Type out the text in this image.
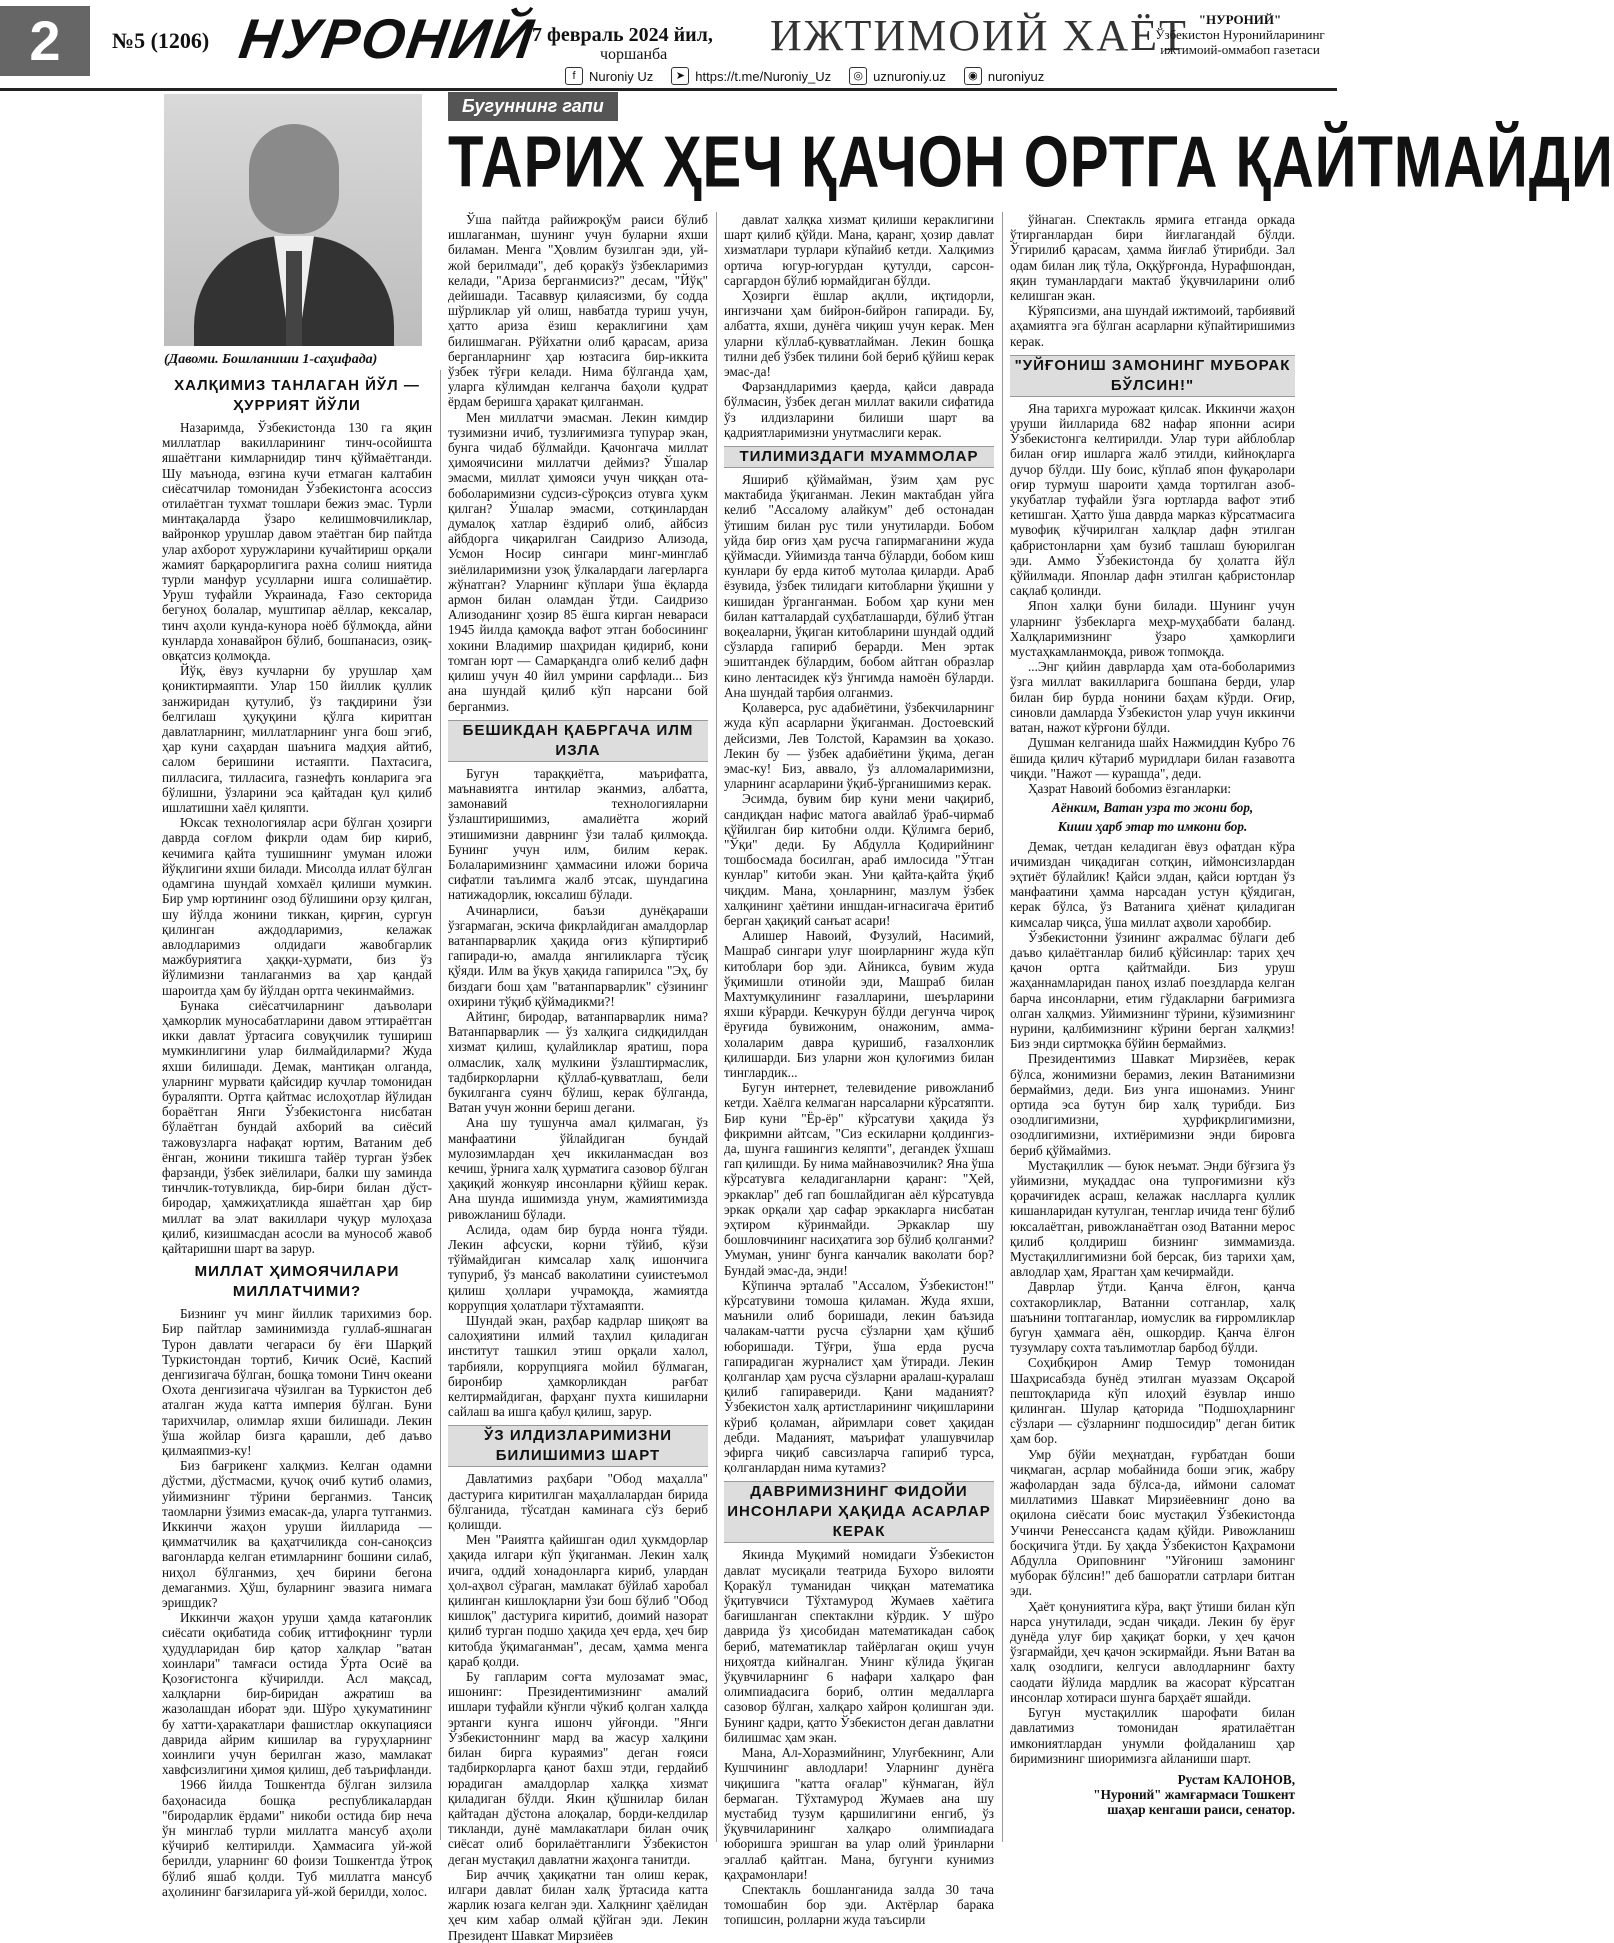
2	№5 (1206) НУРОНИЙ
7 февраль 2024 йил,
чоршанба ИЖТИМОИЙ ХАЁТ
f	Nuroniy Uz	➤ https://t.me/Nuroniy_Uz	◎ uznuroniy.uz	◉ nuroniyuz
"НУРОНИЙ"
Ўзбекистон Нуронийларининг
ижтимоий-оммабоп газетаси
(Давоми. Бошланиши 1-саҳифада)
Бугуннинг гапи
ТАРИХ ҲЕЧ ҚАЧОН ОРТГА ҚАЙТМАЙДИ
ХАЛҚИМИЗ ТАНЛАГАН ЙЎЛ — ҲУРРИЯТ ЙЎЛИ

Назаримда, Ўзбекистонда 130 га яқин миллатлар вакилларининг тинч-осойишта яшаётгани кимларнидир тинч қўймаётганди. Шу маънода, өзгина кучи етмаган калтабин сиёсатчилар томонидан Ўзбекистонга асоссиз отилаётган тухмат тошлари бежиз эмас. Турли минтақаларда ўзаро келишмовчиликлар, вайронкор урушлар давом этаётган бир пайтда улар ахборот хуружларини кучайтириш орқали жамият барқарорлигига рахна солиш ниятида турли манфур усулларни ишга солишаётир. Уруш туфайли Украинада, Ғазо секторида бегуноҳ болалар, муштипар аёллар, кексалар, тинч аҳоли кунда-кунора ноёб бўлмоқда, айни кунларда хонавайрон бўлиб, бошпанасиз, озиқ-овқатсиз қолмоқда.

Йўқ, ёвуз кучларни бу урушлар ҳам қониктирмаяпти. Улар 150 йиллик қуллик занжиридан қутулиб, ўз тақдирини ўзи белгилаш ҳуқуқини қўлга киритган давлатларнинг, миллатларнинг унга бош эгиб, ҳар куни саҳардан шаънига мадҳия айтиб, салом беришини истаяпти. Пахтасига, пилласига, тилласига, газнефть конларига эга бўлишни, ўзларини эса қайтадан қул қилиб ишлатишни хаёл қиляпти.

Юксак технологиялар асри бўлган ҳозирги даврда соғлом фикрли одам бир кириб, кечимига қайта тушишнинг умуман иложи йўқлигини яхши билади. Мисолда иллат бўлган одамгина шундай хомхаёл қилиши мумкин. Бир умр юртининг озод бўлишини орзу қилган, шу йўлда жонини тиккан, қирғин, сургун қилинган аждодларимиз, келажак авлодларимиз олдидаги жавобгарлик мажбуриятига ҳаққи-ҳурмати, биз ўз йўлимизни танлаганмиз ва ҳар қандай шароитда ҳам бу йўлдан ортга чекинмаймиз.

Бунака сиёсатчиларнинг даъволари ҳамкорлик муносабатларини давом эттираётган икки давлат ўртасига совуқчилик тушириш мумкинлигини улар билмайдиларми? Жуда яхши билишади. Демак, мантиқан олганда, уларнинг мурвати қайсидир кучлар томонидан бураляпти. Ортга қайтмас ислоҳотлар йўлидан бораётган Янги Ўзбекистонга нисбатан бўлаётган бундай ахборий ва сиёсий тажовузларга нафақат юртим, Ватаним деб ёнган, жонини тикишга тайёр турган ўзбек фарзанди, ўзбек зиёлилари, балки шу заминда тинчлик-тотувликда, бир-бири билан дўст-биродар, ҳамжиҳатликда яшаётган ҳар бир миллат ва элат вакиллари чуқур мулоҳаза қилиб, кизишмасдан асосли ва мунособ жавоб қайтаришни шарт ва зарур.

МИЛЛАТ ҲИМОЯЧИЛАРИ МИЛЛАТЧИМИ?

Бизнинг уч минг йиллик тарихимиз бор. Бир пайтлар заминимизда гуллаб-яшнаган Турон давлати чегараси бу ёғи Шарқий Туркистондан тортиб, Кичик Осиё, Каспий денгизигача бўлган, бошқа томони Тинч океани Охота денгизигача чўзилган ва Туркистон деб аталган жуда катта империя бўлган. Буни тарихчилар, олимлар яхши билишади. Лекин ўша жойлар бизга қарашли, деб даъво қилмаяпмиз-ку!

Биз бағрикенг халқмиз. Келган одамни дўстми, дўстмасми, қучоқ очиб кутиб оламиз, уйимизнинг тўрини берганмиз. Тансиқ таомларни ўзимиз емасак-да, уларга тутганмиз. Иккинчи жаҳон уруши йилларида — қимматчилик ва қаҳатчиликда сон-саноқсиз вагонларда келган етимларнинг бошини силаб, ниҳол бўлганмиз, ҳеч бирини бегона демаганмиз. Ҳўш, буларнинг эвазига нимага эришдик?

Иккинчи жаҳон уруши ҳамда катағонлик сиёсати оқибатида собиқ иттифоқнинг турли ҳудудларидан бир қатор халқлар "ватан хоинлари" тамғаси остида Ўрта Осиё ва Қозоғистонга кўчирилди. Асл мақсад, халқларни бир-биридан ажратиш ва жазолашдан иборат эди. Шўро ҳукуматининг бу хатти-ҳаракатлари фашистлар оккупацияси даврида айрим кишилар ва гуруҳларнинг хоинлиги учун берилган жазо, мамлакат хавфсизлигини ҳимоя қилиш, деб таърифланди.

1966 йилда Тошкентда бўлган зилзила баҳонасида бошқа республикалардан "биродарлик ёрдами" никоби остида бир неча ўн минглаб турли миллатга мансуб аҳоли кўчириб келтирилди. Ҳаммасига уй-жой берилди, уларнинг 60 фоизи Тошкентда ўтроқ бўлиб яшаб қолди. Туб миллатга мансуб аҳолининг бағзиларига уй-жой берилди, холос.

Ўша пайтда райижроқўм раиси бўлиб ишлаганман, шунинг учун буларни яхши биламан. Менга "Ҳовлим бузилган эди, уй-жой берилмади", деб қоракўз ўзбекларимиз келади, "Ариза берганмисиз?" десам, "Йўқ" дейишади. Тасаввур қилаясизми, бу содда шўрликлар уй олиш, навбатда туриш учун, ҳатто ариза ёзиш кераклигини ҳам билишмаган. Рўйхатни олиб қарасам, ариза берганларнинг ҳар юзтасига бир-иккита ўзбек тўғри келади. Нима бўлганда ҳам, уларга кўлимдан келганча баҳоли қудрат ёрдам беришга ҳаракат қилганман.

Мен миллатчи эмасман. Лекин кимдир тузимизни ичиб, тузлиғимизга тупурар экан, бунга чидаб бўлмайди. Қачонгача миллат ҳимоячисини миллатчи деймиз? Ўшалар эмасми, миллат ҳимояси учун чиққан ота-боболаримизни судсиз-сўроқсиз отувга ҳукм қилган? Ўшалар эмасми, сотқинлардан думалоқ хатлар ёздириб олиб, айбсиз айбдорга чиқарилган Саидризо Ализода, Усмон Носир сингари минг-минглаб зиёлиларимизни узоқ ўлкалардаги лагерларга жўнатган? Уларнинг кўплари ўша ёқларда армон билан оламдан ўтди. Саидризо Ализоданинг ҳозир 85 ёшга кирган невараси 1945 йилда қамоқда вафот этган бобосининг хокини Владимир шаҳридан қидириб, кони томган юрт — Самарқандга олиб келиб дафн қилиш учун 40 йил умрини сарфлади... Биз ана шундай қилиб кўп нарсани бой берганмиз.

БЕШИКДАН ҚАБРГАЧА ИЛМ ИЗЛА

Бугун тараққиётга, маърифатга, маънавиятга интилар эканмиз, албатта, замонавий технологияларни ўзлаштиришимиз, амалиётга жорий этишимизни даврнинг ўзи талаб қилмоқда. Бунинг учун илм, билим керак. Болаларимизнинг ҳаммасини иложи борича сифатли таълимга жалб этсак, шундагина натижадорлик, юксалиш бўлади.

Ачинарлиси, баъзи дунёқараши ўзгармаган, эскича фикрлайдиган амалдорлар ватанпарварлик ҳақида оғиз кўпиртириб гапиради-ю, амалда янгиликларга тўсиқ қўяди. Илм ва ўкув ҳақида гапирилса "Эҳ, бу биздаги бош ҳам "ватанпарварлик" сўзининг охирини тўқиб қўймадикми?!

Айтинг, биродар, ватанпарварлик нима? Ватанпарварлик — ўз халқига сидқидилдан хизмат қилиш, қулайликлар яратиш, пора олмаслик, халқ мулкини ўзлаштирмаслик, тадбиркорларни қўллаб-қувватлаш, бели букилганга суянч бўлиш, керак бўлганда, Ватан учун жонни бериш дегани.

Ана шу тушунча амал қилмаган, ўз манфаатини ўйлайдиган бундай мулозимлардан ҳеч иккиланмасдан воз кечиш, ўрнига халқ ҳурматига сазовор бўлган ҳақиқий жонкуяр инсонларни қўйиш керак. Ана шунда ишимизда унум, жамиятимизда ривожланиш бўлади.

Аслида, одам бир бурда нонга тўяди. Лекин афсуски, корни тўйиб, кўзи тўймайдиган кимсалар халқ ишончига тупуриб, ўз мансаб ваколатини суиистеъмол қилиш ҳоллари учрамоқда, жамиятда коррупция ҳолатлари тўхтамаяпти.

Шундай экан, раҳбар кадрлар шиқоят ва салоҳиятини илмий таҳлил қиладиган институт ташкил этиш орқали халол, тарбияли, коррупцияга мойил бўлмаган, биронбир ҳамкорликдан рағбат келтирмайдиган, фарҳанг пухта кишиларни сайлаш ва ишга қабул қилиш, зарур.

ЎЗ ИЛДИЗЛАРИМИЗНИ БИЛИШИМИЗ ШАРТ

Давлатимиз раҳбари "Обод маҳалла" дастурига киритилган маҳаллалардан бирида бўлганида, тўсатдан каминага сўз бериб қолишди.

Мен "Раиятга қайишган одил ҳукмдорлар ҳақида илгари кўп ўқиганман. Лекин халқ ичига, оддий хонадонларга кириб, улардан ҳол-аҳвол сўраган, мамлакат бўйлаб харобал қилинган кишлоқларни ўзи бош бўлиб "Обод кишлоқ" дастурига киритиб, доимий назорат қилиб турган подшо ҳақида ҳеч ерда, ҳеч бир китобда ўқимаганман", десам, ҳамма менга қараб қолди.

Бу гапларим соғта мулозамат эмас, ишонинг: Президентимизнинг амалий ишлари туфайли кўнгли чўкиб қолган халқда эртанги кунга ишонч уйғонди. "Янги Ўзбекистоннинг мард ва жасур халқини билан бирга кураямиз" деган ғояси тадбиркорларга қанот бахш этди, гердайиб юрадиган амалдорлар халққа хизмат қиладиган бўлди. Якин қўшнилар билан қайтадан дўстона алоқалар, борди-келдилар тикланди, дунё мамлакатлари билан очиқ сиёсат олиб борилаётганлиги Ўзбекистон деган мустақил давлатни жаҳонга танитди.

Бир аччиқ ҳақиқатни тан олиш керак, илгари давлат билан халқ ўртасида катта жарлик юзага келган эди. Халқнинг ҳаёлидан ҳеч ким хабар олмай қўйган эди. Лекин Президент Шавкат Мирзиёев

давлат халқка хизмат қилиши кераклигини шарт қилиб қўйди. Мана, қаранг, ҳозир давлат хизматлари турлари кўпайиб кетди. Халқимиз ортича югур-югурдан қутулди, сарсон-саргардон бўлиб юрмайдиган бўлди.

Ҳозирги ёшлар ақлли, иқтидорли, ингизчани ҳам бийрон-бийрон гапиради. Бу, албатта, яхши, дунёга чиқиш учун керак. Мен уларни кўллаб-қувватлайман. Лекин бошқа тилни деб ўзбек тилини бой бериб қўйиш керак эмас-да!

Фарзандларимиз қаерда, қайси даврада бўлмасин, ўзбек деган миллат вакили сифатида ўз илдизларини билиши шарт ва қадриятларимизни унутмаслиги керак.

ТИЛИМИЗДАГИ МУАММОЛАР

Яшириб қўймайман, ўзим ҳам рус мактабида ўқиганман. Лекин мактабдан уйга келиб "Ассалому алайкум" деб остонадан ўтишим билан рус тили унутиларди. Бобом уйда бир оғиз ҳам русча гапирмаганини жуда қўймасди. Уйимизда танча бўларди, бобом киш кунлари бу ерда китоб мутолаа қиларди. Араб ёзувида, ўзбек тилидаги китобларни ўқишни у кишидан ўрганганман. Бобом ҳар куни мен билан катталардай суҳбатлашарди, бўлиб ўтган воқеаларни, ўқиган китобларини шундай оддий сўзларда гапириб берарди. Мен эртак эшитгандек бўлардим, бобом айтган образлар кино лентасидек кўз ўнгимда намоён бўларди. Ана шундай тарбия олганмиз.

Қолаверса, рус адабиётини, ўзбекчиларнинг жуда кўп асарларни ўқиганман. Достоевский дейсизми, Лев Толстой, Карамзин ва ҳоказо. Лекин бу — ўзбек адабиётини ўқима, деган эмас-ку! Биз, аввало, ўз алломаларимизни, уларнинг асарларини ўқиб-ўрганишимиз керак.

Эсимда, бувим бир куни мени чақириб, сандиқдан нафис матога авайлаб ўраб-чирмаб қўйилган бир китобни олди. Қўлимга бериб, "Ўқи" деди. Бу Абдулла Қодирийнинг тошбосмада босилган, араб имлосида "Ўтган кунлар" китоби экан. Уни қайта-қайта ўқиб чиқдим. Мана, ҳонларнинг, мазлум ўзбек халқининг ҳаётини иншдан-игнасигача ёритиб берган ҳақиқий санъат асари!

Алишер Навоий, Фузулий, Насимий, Машраб сингари улуғ шоирларнинг жуда кўп китоблари бор эди. Айникса, бувим жуда ўқимишли отинойи эди, Машраб билан Махтумқулининг ғазалларини, шеърларини яхши кўрарди. Кечкурун бўлди дегунча чироқ ёруғида бувижоним, онажоним, амма-холаларим давра қуришиб, ғазалхонлик қилишарди. Биз уларни жон қулоғимиз билан тинглардик...

Бугун интернет, телевидение ривожланиб кетди. Хаёлга келмаган нарсаларни кўрсатяпти. Бир куни "Ёр-ёр" кўрсатуви ҳақида ўз фикримни айтсам, "Сиз ескиларни қолдингиз-да, шунга ғашингиз келяпти", дегандек ўхшаш гап қилишди. Бу нима майнавозчилик? Яна ўша кўрсатувга келадиганларни қаранг: "Ҳей, эркаклар" деб гап бошлайдиган аёл кўрсатувда эркак орқали ҳар сафар эркакларга нисбатан эҳтиром кўринмайди. Эркаклар шу бошловчининг насиҳатига зор бўлиб қолганми? Умуман, унинг бунга канчалик ваколати бор? Бундай эмас-да, энди!

Кўпинча эрталаб "Ассалом, Ўзбекистон!" кўрсатувини томоша қиламан. Жуда яхши, маънили олиб боришади, лекин баъзида чалакам-чатти русча сўзларни ҳам қўшиб юборишади. Тўғри, ўша ерда русча гапирадиган журналист ҳам ўтиради. Лекин қолганлар ҳам русча сўзларни аралаш-қуралаш қилиб гапиравериди. Қани маданият? Ўзбекистон халқ артистларининг чиқишларини кўриб қоламан, айримлари совет ҳақидан дебди. Маданият, маърифат улашувчилар эфирга чиқиб савсизларча гапириб турса, қолганлардан нима кутамиз?

ДАВРИМИЗНИНГ ФИДОЙИ ИНСОНЛАРИ ҲАҚИДА АСАРЛАР КЕРАК

Якинда Муқимий номидаги Ўзбекистон давлат мусиқали театрида Бухоро вилояти Қоракўл туманидан чиққан математика ўқитувчиси Тўхтамурод Жумаев хаётига бағишланган спектаклни кўрдик. У шўро даврида ўз ҳисобидан математикадан сабоқ бериб, математиклар тайёрлаган оқиш учун ниҳоятда кийналган. Унинг кўлида ўқиган ўқувчиларнинг 6 нафари халқаро фан олимпиадасига бориб, олтин медалларга сазовор бўлган, халқаро хайрон қолишган эди. Бунинг қадри, қатто Ўзбекистон деган давлатни билишмас ҳам экан.

Мана, Ал-Хоразмийнинг, Улуғбекнинг, Али Кушчининг авлодлари! Уларнинг дунёга чиқишига "катта оғалар" кўнмаган, йўл бермаган. Тўхтамурод Жумаев ана шу мустабид тузум қаршилигини енгиб, ўз ўқувчиларининг халқаро олимпиадага юборишга эришган ва улар олий ўринларни эгаллаб қайтган. Мана, бугунги кунимиз қаҳрамонлари!

Спектакль бошланганида залда 30 тача томошабин бор эди. Актёрлар барака топишсин, ролларни жуда таъсирли

ўйнаган. Спектакль ярмига етганда оркада ўтирганлардан бири йиғлагандай бўлди. Ўгирилиб қарасам, ҳамма йиғлаб ўтирибди. Зал одам билан лиқ тўла, Оққўрғонда, Нурафшондан, яқин туманлардаги мактаб ўқувчиларини олиб келишган экан.

Кўряпсизми, ана шундай ижтимоий, тарбиявий аҳамиятга эга бўлган асарларни кўпайтиришимиз керак.

"УЙҒОНИШ ЗАМОНИНГ МУБОРАК БЎЛСИН!"

Яна тарихга мурожаат қилсак. Иккинчи жаҳон уруши йилларида 682 нафар японни асири Ўзбекистонга келтирилди. Улар тури айблоблар билан оғир ишларга жалб этилди, кийноқларга дучор бўлди. Шу боис, кўплаб япон фуқаролари оғир турмуш шароити ҳамда тортилган азоб-укубатлар туфайли ўзга юртларда вафот этиб кетишган. Ҳатто ўша даврда марказ кўрсатмасига мувофиқ кўчирилган халқлар дафн этилган қабристонларни ҳам бузиб ташлаш буюрилган эди. Аммо Ўзбекистонда бу ҳолатга йўл қўйилмади. Японлар дафн этилган қабристонлар сақлаб қолинди.

Япон халқи буни билади. Шунинг учун уларнинг ўзбекларга меҳр-муҳаббати баланд. Халқларимизнинг ўзаро ҳамкорлиги мустаҳкамланмоқда, ривож топмоқда.

...Энг қийин даврларда ҳам ота-боболаримиз ўзга миллат вакилларига бошпана берди, улар билан бир бурда нонини баҳам кўрди. Оғир, синовли дамларда Ўзбекистон улар учун иккинчи ватан, нажот кўрғони бўлди.

Душман келганида шайх Нажмиддин Кубро 76 ёшида қилич кўтариб муридлари билан ғазавотга чиқди. "Нажот — курашда", деди.

Ҳазрат Навоий бобомиз ёзганларки:

Аёнким, Ватан узра то жони бор,
Киши ҳарб этар то имкони бор.

Демак, четдан келадиган ёвуз офатдан кўра ичимиздан чиқадиган сотқин, иймонсизлардан эҳтиёт бўлайлик! Қайси элдан, қайси юртдан ўз манфаатини ҳамма нарсадан устун қўядиган, керак бўлса, ўз Ватанига ҳиёнат қиладиган кимсалар чиқса, ўша миллат аҳволи хароббир.

Ўзбекистонни ўзининг ажралмас бўлаги деб даъво қилаётганлар билиб қўйсинлар: тарих ҳеч қачон ортга қайтмайди. Биз уруш жаҳаннамларидан паноҳ излаб поездларда келган барча инсонларни, етим гўдакларни бағримизга олган халқмиз. Уйимизнинг тўрини, кўзимизнинг нурини, қалбимизнинг кўрини берган халқмиз! Биз энди сиртмоқка бўйин бермаймиз.

Президентимиз Шавкат Мирзиёев, керак бўлса, жонимизни берамиз, лекин Ватанимизни бермаймиз, деди. Биз унга ишонамиз. Унинг ортида эса бутун бир халқ турибди. Биз озодлигимизни, ҳурфикрлигимизни, озодлигимизни, ихтиёримизни энди бировга бериб қўймаймиз.

Мустақиллик — буюк неъмат. Энди бўғзига ўз уйимизни, муқаддас она тупроғимизни кўз қорачиғидек асраш, келажак наслларга қуллик кишанларидан кутулган, тенглар ичида тенг бўлиб юксалаётган, ривожланаётган озод Ватанни мерос қилиб қолдириш бизнинг зиммамизда. Мустақиллигимизни бой берсак, биз тарихи ҳам, авлодлар ҳам, Ярагтан ҳам кечирмайди.

Даврлар ўтди. Қанча ёлғон, қанча сохтакорликлар, Ватанни сотганлар, халқ шаънини топтаганлар, иомуслик ва ғирромликлар бугун ҳаммага аён, ошкордир. Қанча ёлғон тузумлару сохта таълимотлар барбод бўлди.

Соҳибқирон Амир Темур томонидан Шаҳрисабзда бунёд этилган муаззам Оқсарой пештоқларида кўп илоҳий ёзувлар иншо қилинган. Шулар қаторида "Подшоҳларнинг сўзлари — сўзларнинг подшосидир" деган битик ҳам бор.

Умр бўйи меҳнатдан, ғурбатдан боши чиқмаган, асрлар мобайнида боши эгик, жабру жафолардан зада бўлса-да, иймони саломат миллатимиз Шавкат Мирзиёевнинг доно ва оқилона сиёсати боис мустақил Ўзбекистонда Учинчи Ренессансга қадам қўйди. Ривожланиш босқичига ўтди. Бу ҳақда Ўзбекистон Қаҳрамони Абдулла Ориповнинг "Уйғониш замонинг муборак бўлсин!" деб башоратли сатрлари битган эди.

Ҳаёт қонуниятига кўра, вақт ўтиши билан кўп нарса унутилади, эсдан чиқади. Лекин бу ёруғ дунёда улуғ бир ҳақиқат борки, у ҳеч қачон ўзгармайди, ҳеч қачон эскирмайди. Яъни Ватан ва халқ озодлиги, келгуси авлодларнинг бахту саодати йўлида мардлик ва жасорат кўрсатган инсонлар хотираси шунга барҳаёт яшайди.

Бугун мустақиллик шарофати билан давлатимиз томонидан яратилаётган имкониятлардан унумли фойдаланиш ҳар биримизнинг шиоримизга айланиши шарт.

Рустам КАЛОНОВ,
"Нуроний" жамғармаси Тошкент
шаҳар кенгаши раиси, сенатор.
